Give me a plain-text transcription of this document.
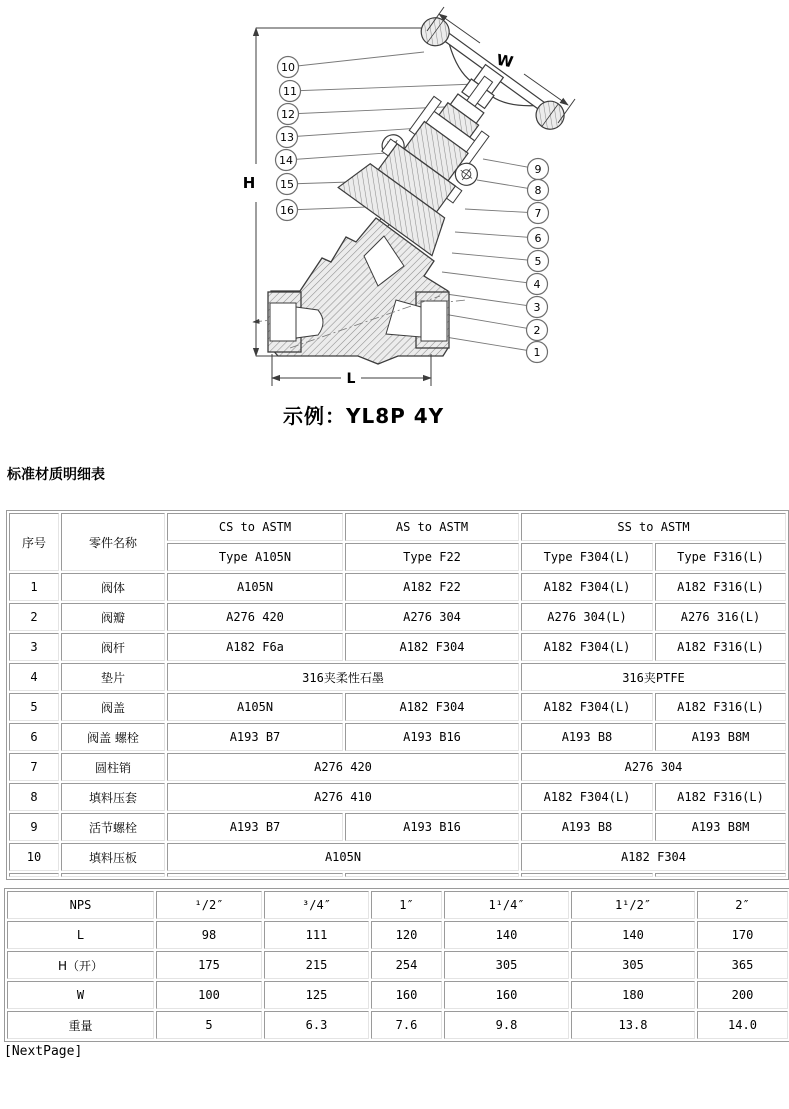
H
L
W
10
11
12
13
14
15
16
9
8
7
6
5
4
3
2
1
示例：YL8P 4Y
标准材质明细表
序号	零件名称	CS to ASTM	AS to ASTM	SS to ASTM	
		Type A105N	Type F22	Type F304(L)	Type F316(L)
1	阀体	A105N	A182 F22	A182 F304(L)	A182 F316(L)
2	阀瓣	A276 420	A276 304	A276 304(L)	A276 316(L)
3	阀杆	A182 F6a	A182 F304	A182 F304(L)	A182 F316(L)
4	垫片	316夹柔性石墨		316夹PTFE	
5	阀盖	A105N	A182 F304	A182 F304(L)	A182 F316(L)
6	阀盖 螺栓	A193 B7	A193 B16	A193 B8	A193 B8M
7	圆柱销	A276 420		A276 304	
8	填料压套	A276 410		A182 F304(L)	A182 F316(L)
9	活节螺栓	A193 B7	A193 B16	A193 B8	A193 B8M
10	填料压板	A105N		A182 F304	

NPS	¹/2″	³/4″	1″	1¹/4″	1¹/2″	2″
L	98	111	120	140	140	170
H（开）	175	215	254	305	305	365
W	100	125	160	160	180	200
重量	5	6.3	7.6	9.8	13.8	14.0
[NextPage]
